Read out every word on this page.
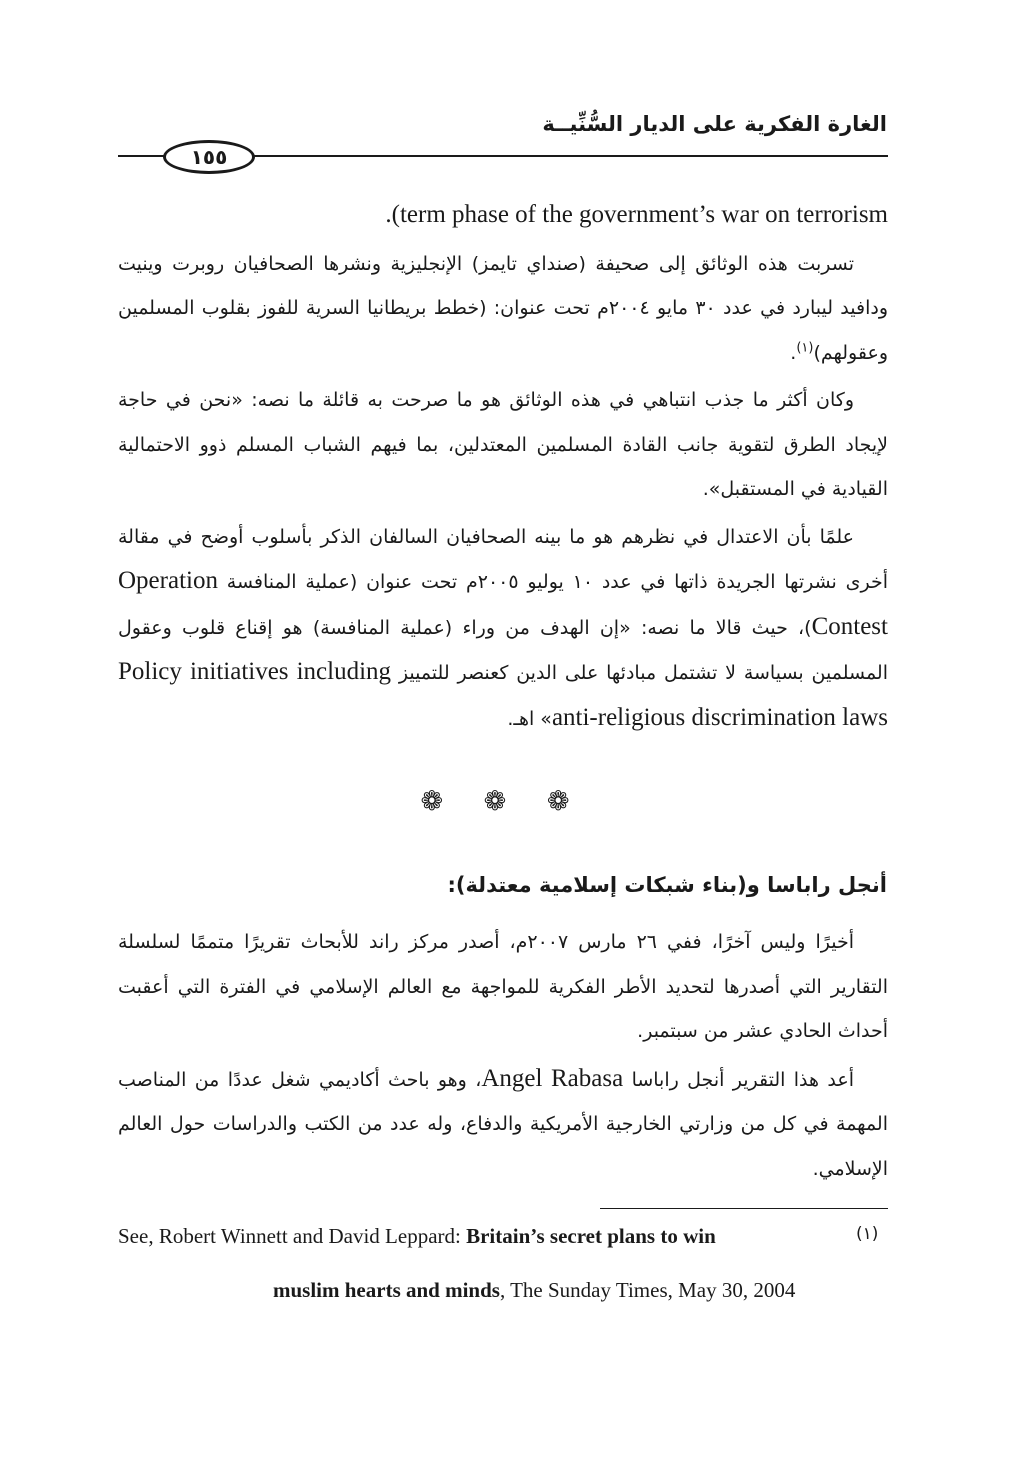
الغارة الفكرية على الديار السُّنِّيــة
١٥٥

.(term phase of the government’s war on terrorism

تسربت هذه الوثائق إلى صحيفة (صنداي تايمز) الإنجليزية ونشرها الصحافيان روبرت وينيت ودافيد ليبارد في عدد ٣٠ مايو ٢٠٠٤م تحت عنوان: (خطط بريطانيا السرية للفوز بقلوب المسلمين وعقولهم)$^{(١)}$.

وكان أكثر ما جذب انتباهي في هذه الوثائق هو ما صرحت به قائلة ما نصه: «نحن في حاجة لإيجاد الطرق لتقوية جانب القادة المسلمين المعتدلين، بما فيهم الشباب المسلم ذوو الاحتمالية القيادية في المستقبل».

علمًا بأن الاعتدال في نظرهم هو ما بينه الصحافيان السالفان الذكر بأسلوب أوضح في مقالة أخرى نشرتها الجريدة ذاتها في عدد ١٠ يوليو ٢٠٠٥م تحت عنوان (عملية المنافسة Operation Contest)، حيث قالا ما نصه: «إن الهدف من وراء (عملية المنافسة) هو إقناع قلوب وعقول المسلمين بسياسة لا تشتمل مبادئها على الدين كعنصر للتمييز Policy initiatives including anti-religious discrimination laws» اهـ.

❁ ❁ ❁
أنجل راباسا و(بناء شبكات إسلامية معتدلة):

أخيرًا وليس آخرًا، ففي ٢٦ مارس ٢٠٠٧م، أصدر مركز راند للأبحاث تقريرًا متممًا لسلسلة التقارير التي أصدرها لتحديد الأطر الفكرية للمواجهة مع العالم الإسلامي في الفترة التي أعقبت أحداث الحادي عشر من سبتمبر.

أعد هذا التقرير أنجل راباسا Angel Rabasa، وهو باحث أكاديمي شغل عددًا من المناصب المهمة في كل من وزارتي الخارجية الأمريكية والدفاع، وله عدد من الكتب والدراسات حول العالم الإسلامي.

See, Robert Winnett and David Leppard: Britain’s secret plans to win	(١)
muslim hearts and minds, The Sunday Times, May 30, 2004
